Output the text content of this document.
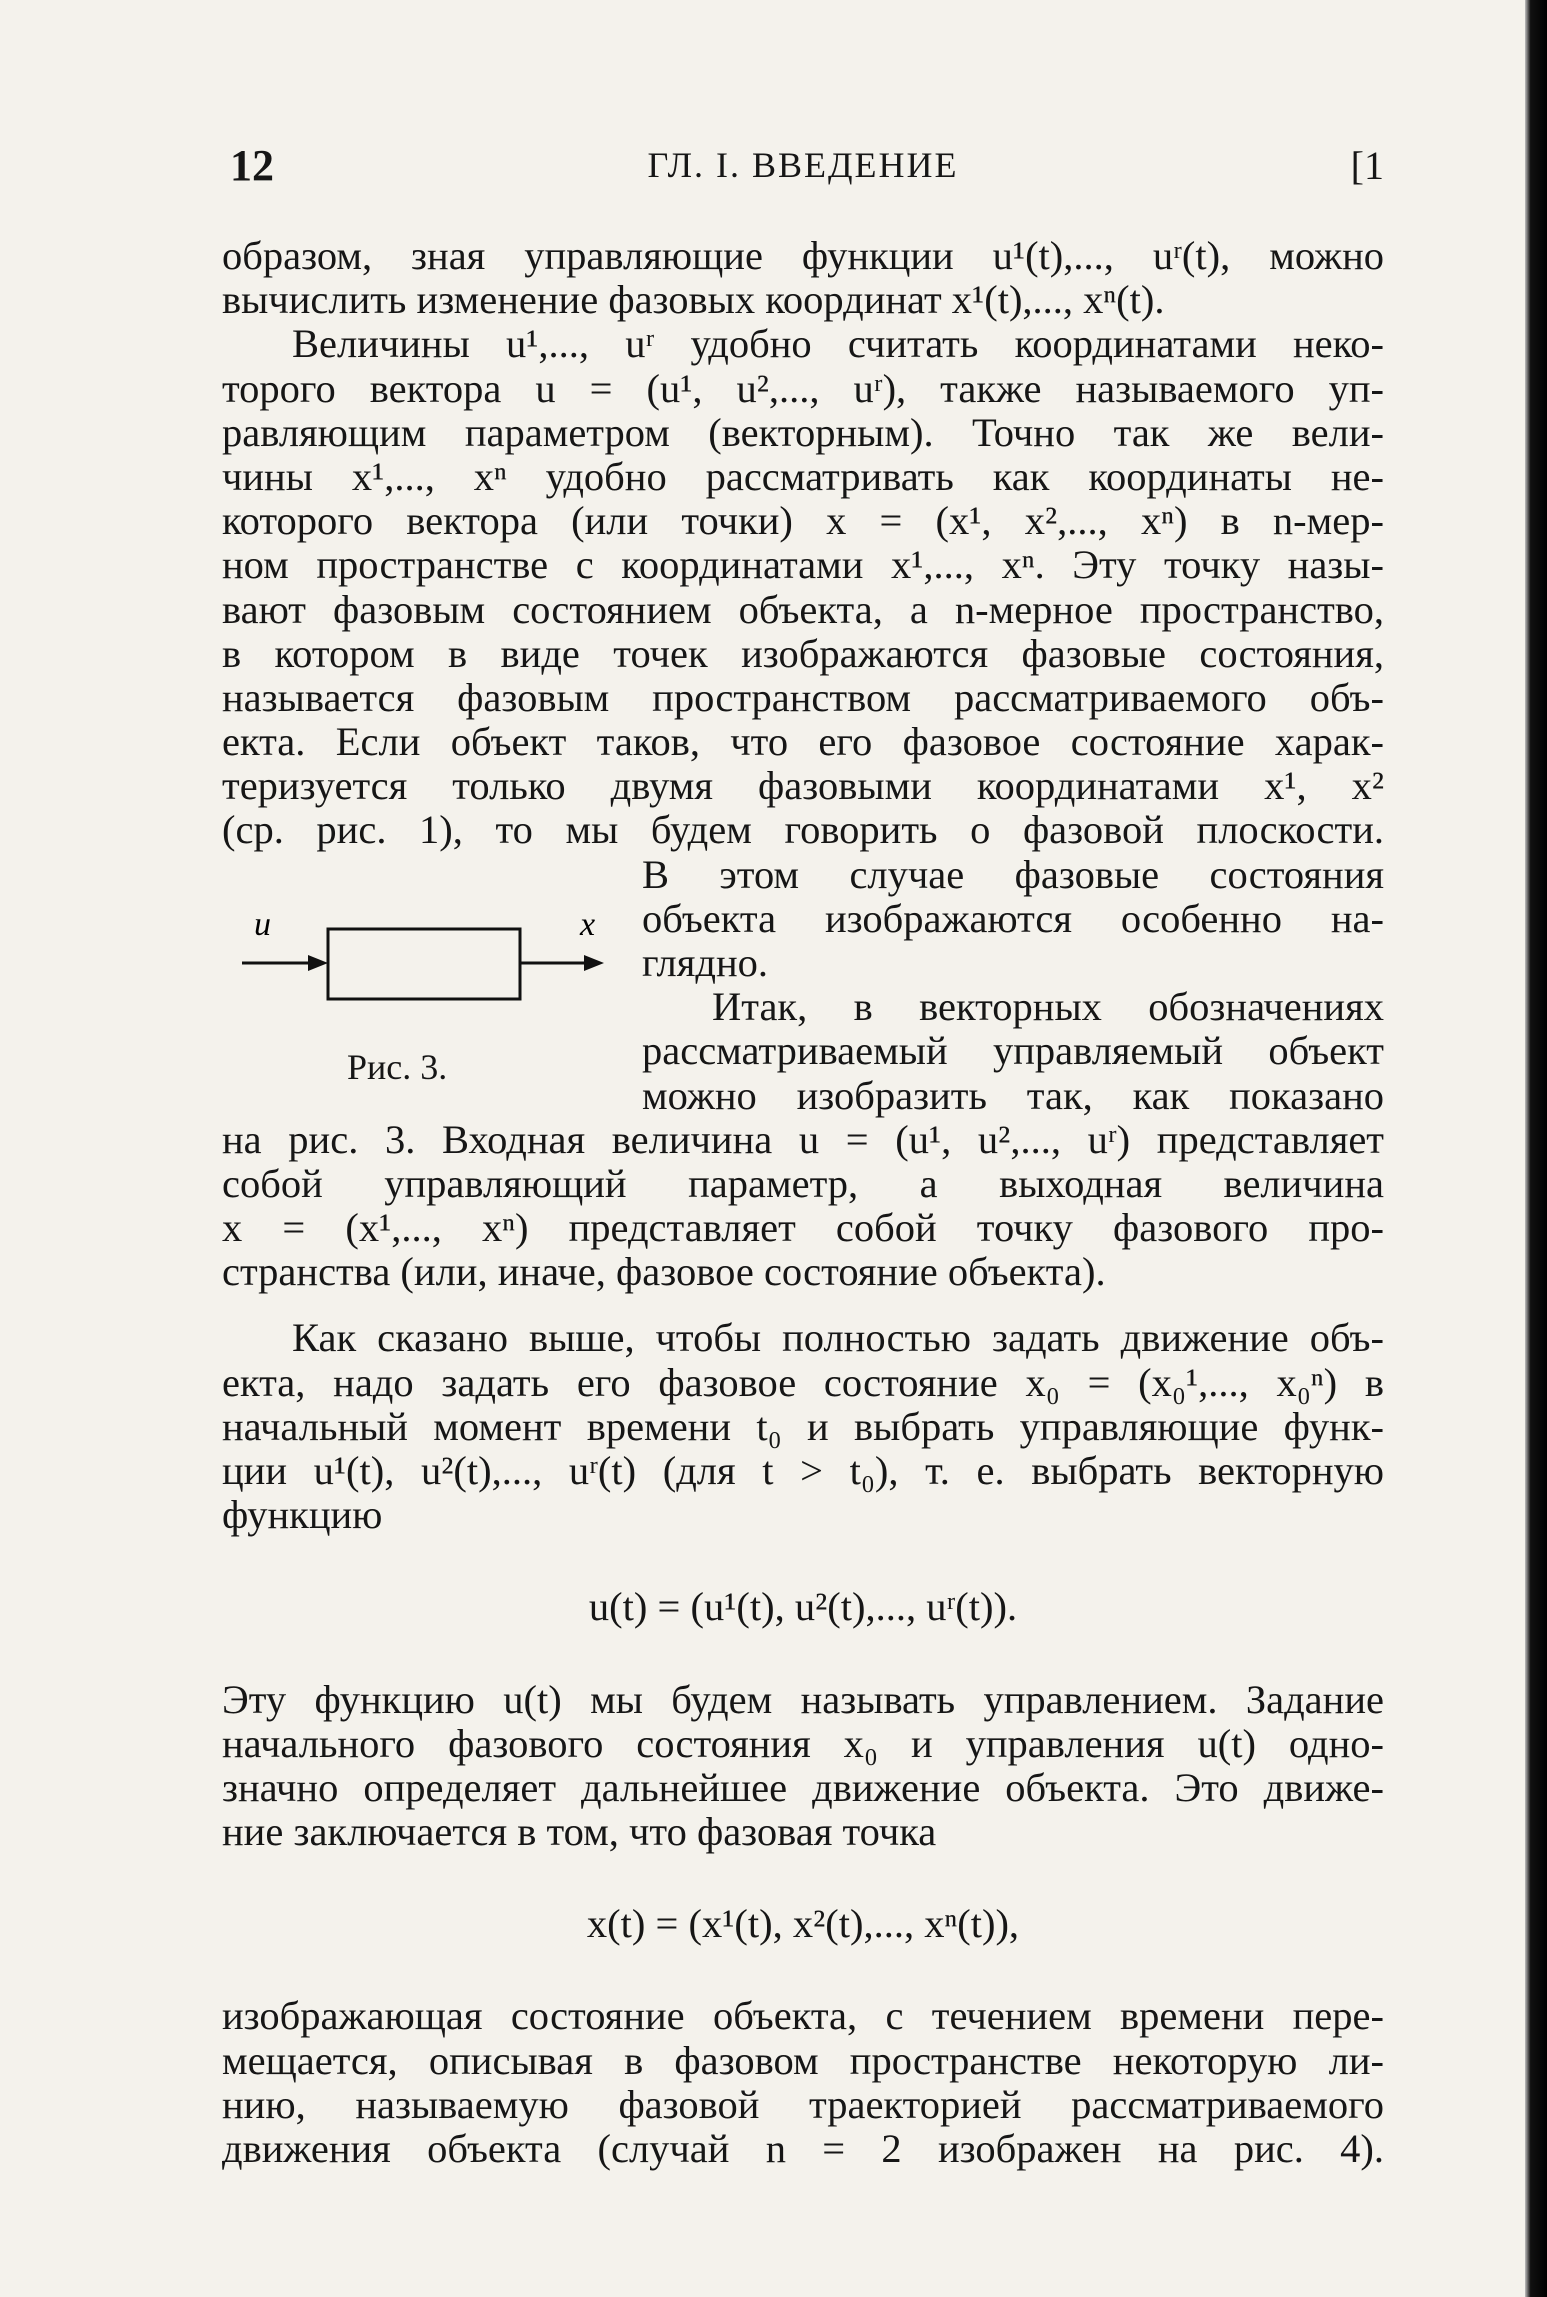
12	ГЛ. I. ВВЕДЕНИЕ	[1
образом, зная управляющие функции u¹(t),..., uʳ(t), можно
вычислить изменение фазовых координат x¹(t),..., xⁿ(t).
Величины u¹,..., uʳ удобно считать координатами неко-
торого вектора u = (u¹, u²,..., uʳ), также называемого уп-
равляющим параметром (векторным). Точно так же вели-
чины x¹,..., xⁿ удобно рассматривать как координаты не-
которого вектора (или точки) x = (x¹, x²,..., xⁿ) в n-мер-
ном пространстве с координатами x¹,..., xⁿ. Эту точку назы-
вают фазовым состоянием объекта, а n-мерное пространство,
в котором в виде точек изображаются фазовые состояния,
называется фазовым пространством рассматриваемого объ-
екта. Если объект таков, что его фазовое состояние харак-
теризуется только двумя фазовыми координатами x¹, x²
(ср. рис. 1), то мы будем говорить о фазовой плоскости.
u	x
Рис. 3.
В этом случае фазовые состояния
объекта изображаются особенно на-
глядно.
Итак, в векторных обозначениях
рассматриваемый управляемый объект
можно изобразить так, как показано
на рис. 3. Входная величина u = (u¹, u²,..., uʳ) представляет
собой управляющий параметр, а выходная величина
x = (x¹,..., xⁿ) представляет собой точку фазового про-
странства (или, иначе, фазовое состояние объекта).
Как сказано выше, чтобы полностью задать движение объ-
екта, надо задать его фазовое состояние x₀ = (x₀¹,..., x₀ⁿ) в
начальный момент времени t₀ и выбрать управляющие функ-
ции u¹(t), u²(t),..., uʳ(t) (для t > t₀), т. е. выбрать векторную
функцию
u(t) = (u¹(t), u²(t),..., uʳ(t)).
Эту функцию u(t) мы будем называть управлением. Задание
начального фазового состояния x₀ и управления u(t) одно-
значно определяет дальнейшее движение объекта. Это движе-
ние заключается в том, что фазовая точка
x(t) = (x¹(t), x²(t),..., xⁿ(t)),
изображающая состояние объекта, с течением времени пере-
мещается, описывая в фазовом пространстве некоторую ли-
нию, называемую фазовой траекторией рассматриваемого
движения объекта (случай n = 2 изображен на рис. 4).
